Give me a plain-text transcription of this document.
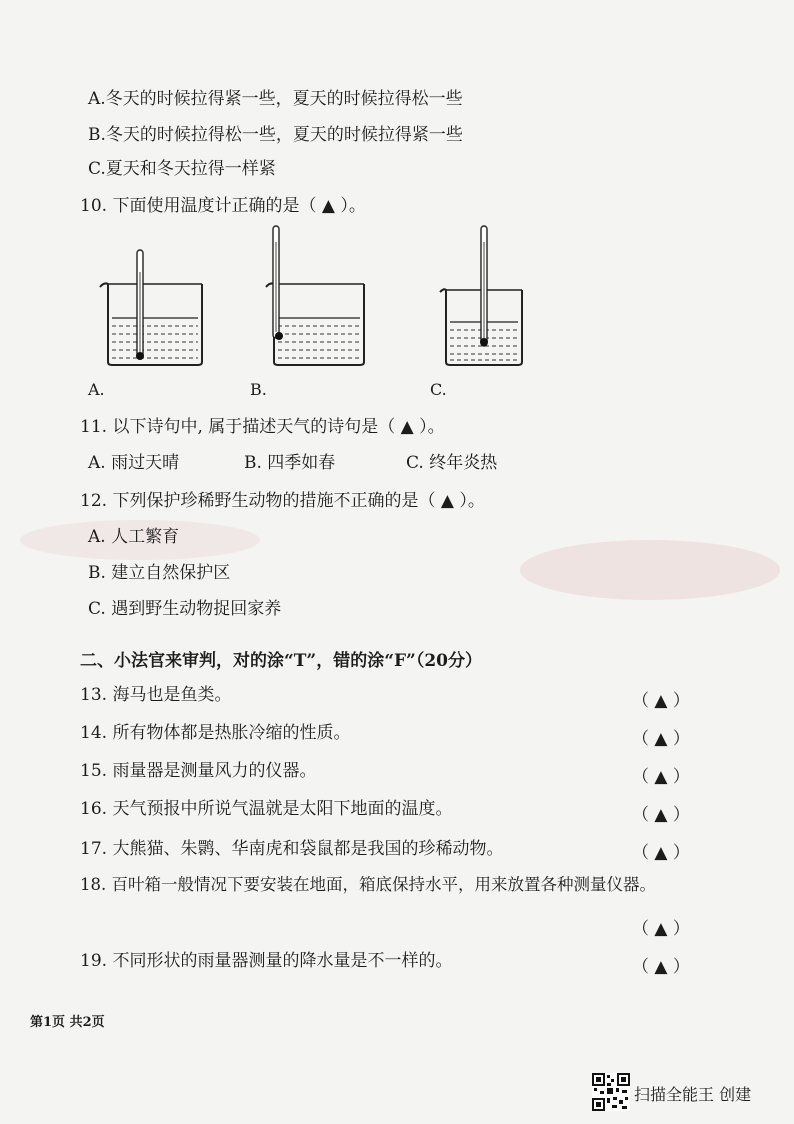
A.冬天的时候拉得紧一些，夏天的时候拉得松一些
B.冬天的时候拉得松一些，夏天的时候拉得紧一些
C.夏天和冬天拉得一样紧
10. 下面使用温度计正确的是（ ▲ ）。
A.	B.	C.
11. 以下诗句中, 属于描述天气的诗句是（ ▲ ）。
A. 雨过天晴	B. 四季如春	C. 终年炎热
12. 下列保护珍稀野生动物的措施不正确的是（ ▲ ）。
A. 人工繁育
B. 建立自然保护区
C. 遇到野生动物捉回家养
二、小法官来审判，对的涂“T”，错的涂“F”（20分）
13. 海马也是鱼类。	（ ▲ ）
14. 所有物体都是热胀冷缩的性质。	（ ▲ ）
15. 雨量器是测量风力的仪器。	（ ▲ ）
16. 天气预报中所说气温就是太阳下地面的温度。	（ ▲ ）
17. 大熊猫、朱鹮、华南虎和袋鼠都是我国的珍稀动物。	（ ▲ ）
18. 百叶箱一般情况下要安装在地面，箱底保持水平，用来放置各种测量仪器。
（ ▲ ）
19. 不同形状的雨量器测量的降水量是不一样的。	（ ▲ ）
第1页 共2页
扫描全能王 创建
